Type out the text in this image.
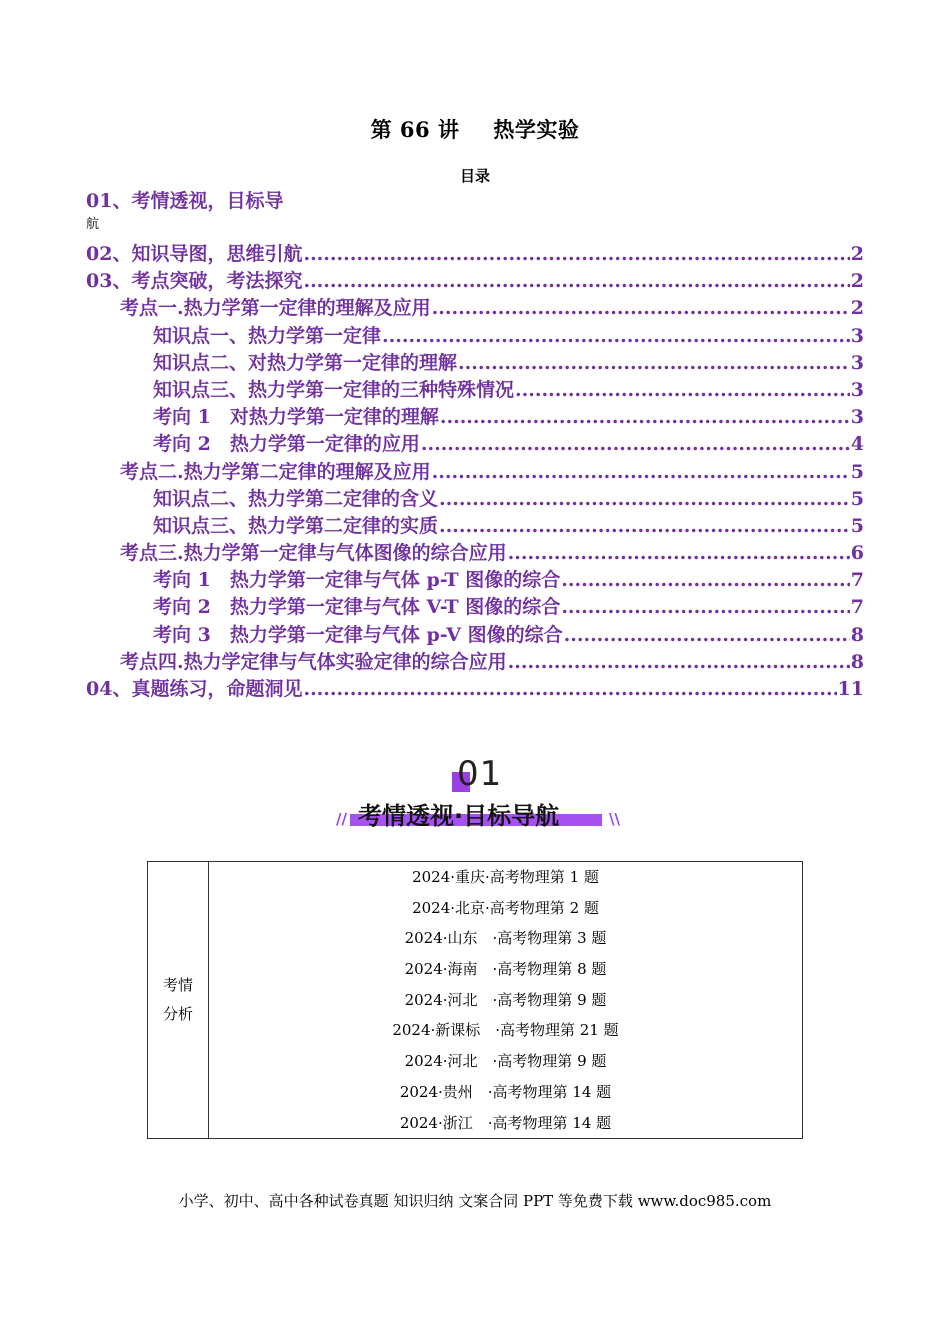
第 66 讲 热学实验
目录
01、考情透视，目标导
航
02、知识导图，思维引航 .....	2
03、考点突破，考法探究 .....	2
考点一.热力学第一定律的理解及应用 .....	2
知识点一、热力学第一定律 .....	3
知识点二、对热力学第一定律的理解 .....	3
知识点三、热力学第一定律的三种特殊情况 .....	3
考向 1　对热力学第一定律的理解 .....	3
考向 2　热力学第一定律的应用 .....	4
考点二.热力学第二定律的理解及应用 .....	5
知识点二、热力学第二定律的含义 .....	5
知识点三、热力学第二定律的实质 .....	5
考点三.热力学第一定律与气体图像的综合应用 .....	6
考向 1　热力学第一定律与气体 p-T 图像的综合 .....	7
考向 2　热力学第一定律与气体 V-T 图像的综合 .....	7
考向 3　热力学第一定律与气体 p-V 图像的综合 .....	8
考点四.热力学定律与气体实验定律的综合应用 .....	8
04、真题练习，命题洞见 .....	11
01
// 考情透视·目标导航	\\
考情
分析

2024·重庆·高考物理第 1 题
2024·北京·高考物理第 2 题
2024·山东　·高考物理第 3 题
2024·海南　·高考物理第 8 题
2024·河北　·高考物理第 9 题
2024·新课标　·高考物理第 21 题
2024·河北　·高考物理第 9 题
2024·贵州　·高考物理第 14 题
2024·浙江　·高考物理第 14 题
小学、初中、高中各种试卷真题 知识归纳 文案合同 PPT 等免费下载 www.doc985.com
